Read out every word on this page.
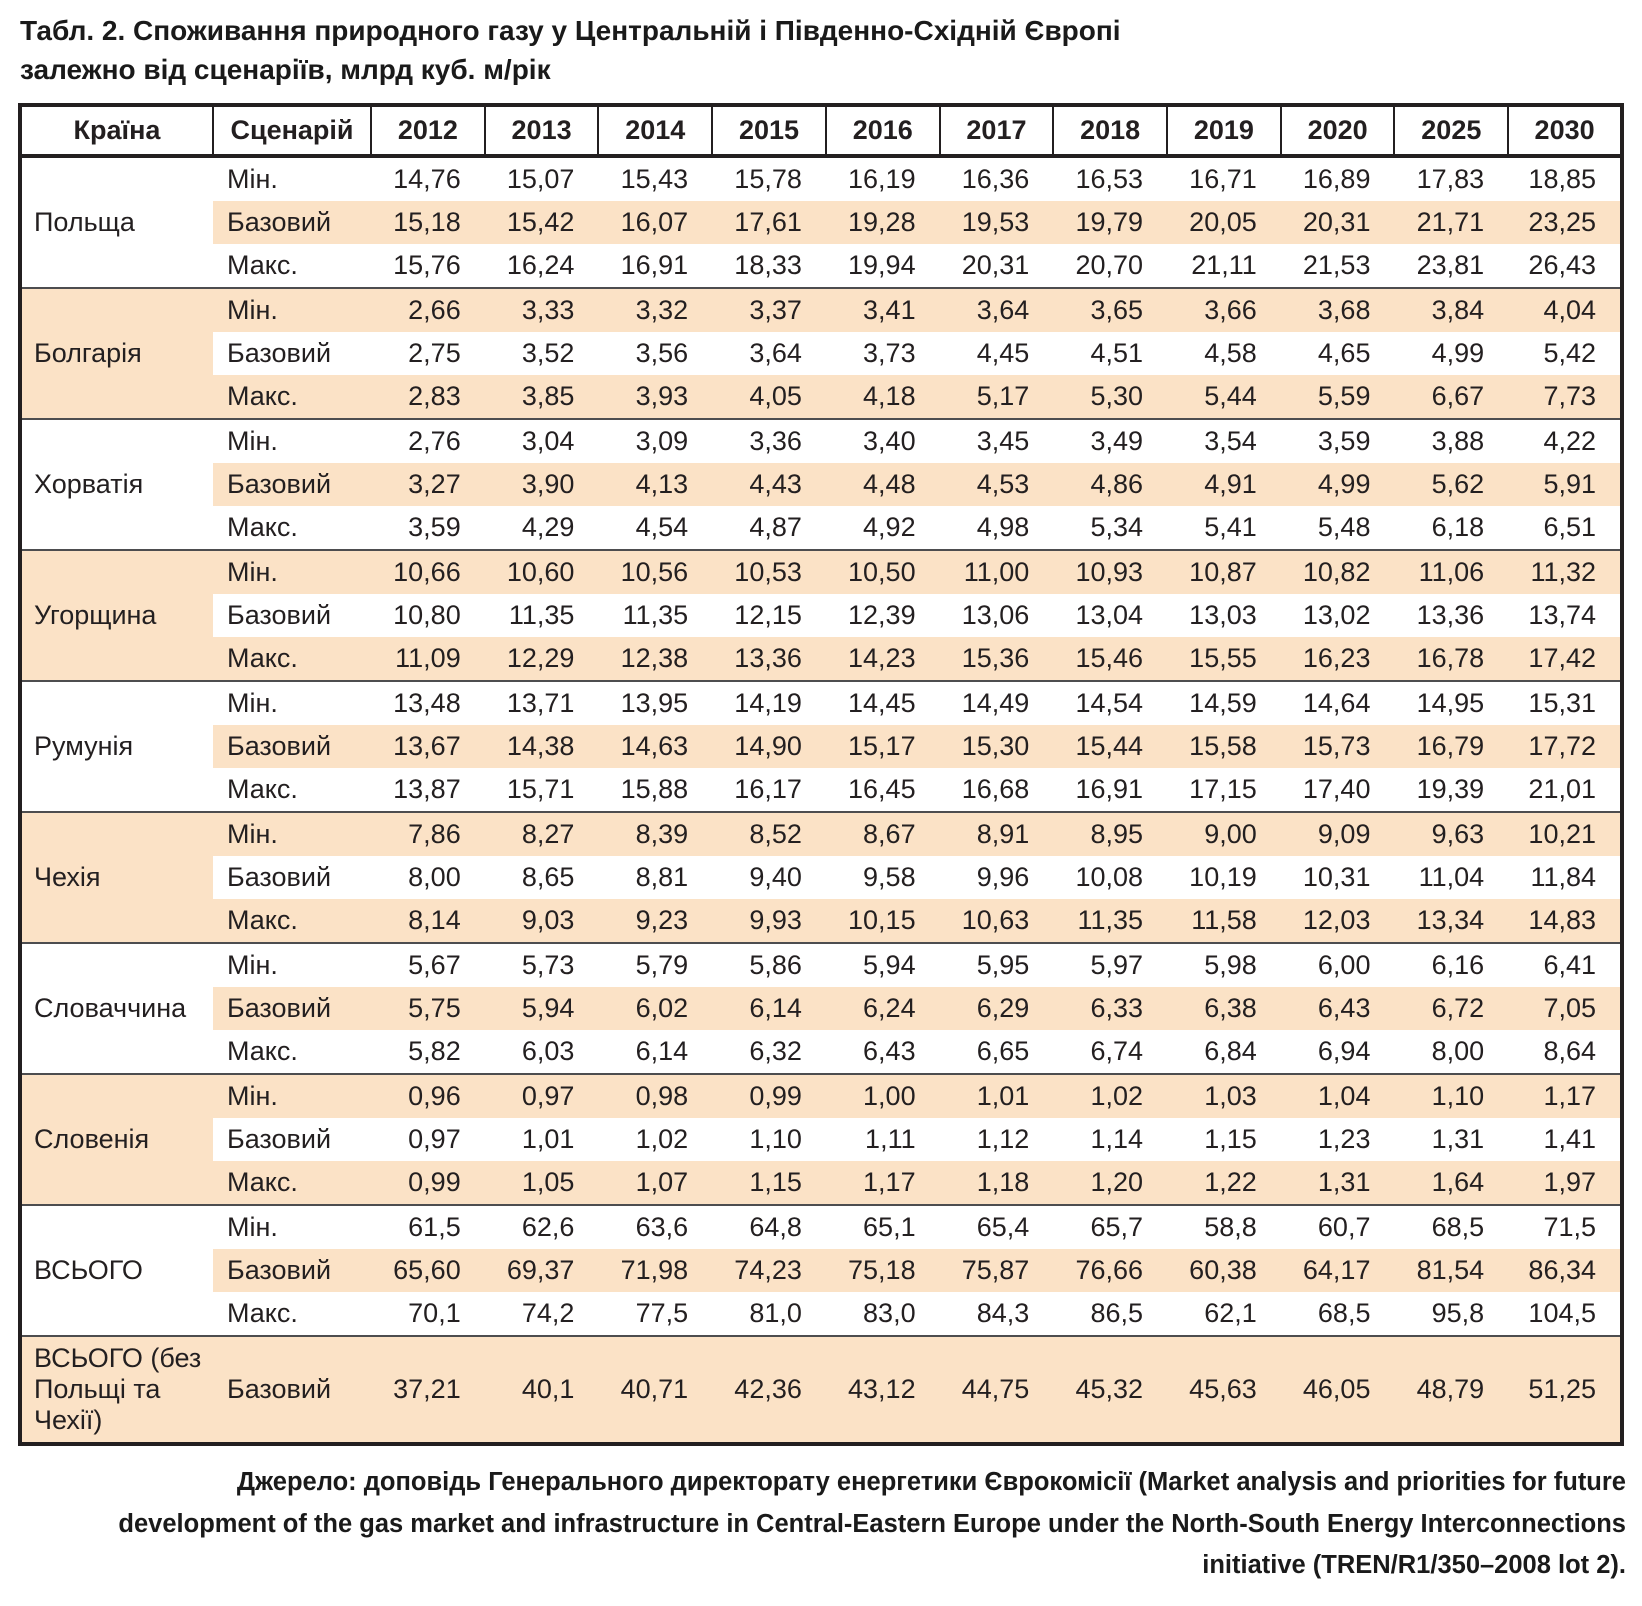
Табл. 2. Споживання природного газу у Центральній і Південно-Східній Європі
залежно від сценаріїв, млрд куб. м/рік
Країна	Сценарій	2012	2013	2014	2015	2016	2017	2018	2019	2020	2025	2030
Польща	Мін.	14,76	15,07	15,43	15,78	16,19	16,36	16,53	16,71	16,89	17,83	18,85
	Базовий	15,18	15,42	16,07	17,61	19,28	19,53	19,79	20,05	20,31	21,71	23,25
	Макс.	15,76	16,24	16,91	18,33	19,94	20,31	20,70	21,11	21,53	23,81	26,43
Болгарія	Мін.	2,66	3,33	3,32	3,37	3,41	3,64	3,65	3,66	3,68	3,84	4,04
	Базовий	2,75	3,52	3,56	3,64	3,73	4,45	4,51	4,58	4,65	4,99	5,42
	Макс.	2,83	3,85	3,93	4,05	4,18	5,17	5,30	5,44	5,59	6,67	7,73
Хорватія	Мін.	2,76	3,04	3,09	3,36	3,40	3,45	3,49	3,54	3,59	3,88	4,22
	Базовий	3,27	3,90	4,13	4,43	4,48	4,53	4,86	4,91	4,99	5,62	5,91
	Макс.	3,59	4,29	4,54	4,87	4,92	4,98	5,34	5,41	5,48	6,18	6,51
Угорщина	Мін.	10,66	10,60	10,56	10,53	10,50	11,00	10,93	10,87	10,82	11,06	11,32
	Базовий	10,80	11,35	11,35	12,15	12,39	13,06	13,04	13,03	13,02	13,36	13,74
	Макс.	11,09	12,29	12,38	13,36	14,23	15,36	15,46	15,55	16,23	16,78	17,42
Румунія	Мін.	13,48	13,71	13,95	14,19	14,45	14,49	14,54	14,59	14,64	14,95	15,31
	Базовий	13,67	14,38	14,63	14,90	15,17	15,30	15,44	15,58	15,73	16,79	17,72
	Макс.	13,87	15,71	15,88	16,17	16,45	16,68	16,91	17,15	17,40	19,39	21,01
Чехія	Мін.	7,86	8,27	8,39	8,52	8,67	8,91	8,95	9,00	9,09	9,63	10,21
	Базовий	8,00	8,65	8,81	9,40	9,58	9,96	10,08	10,19	10,31	11,04	11,84
	Макс.	8,14	9,03	9,23	9,93	10,15	10,63	11,35	11,58	12,03	13,34	14,83
Словаччина	Мін.	5,67	5,73	5,79	5,86	5,94	5,95	5,97	5,98	6,00	6,16	6,41
	Базовий	5,75	5,94	6,02	6,14	6,24	6,29	6,33	6,38	6,43	6,72	7,05
	Макс.	5,82	6,03	6,14	6,32	6,43	6,65	6,74	6,84	6,94	8,00	8,64
Словенія	Мін.	0,96	0,97	0,98	0,99	1,00	1,01	1,02	1,03	1,04	1,10	1,17
	Базовий	0,97	1,01	1,02	1,10	1,11	1,12	1,14	1,15	1,23	1,31	1,41
	Макс.	0,99	1,05	1,07	1,15	1,17	1,18	1,20	1,22	1,31	1,64	1,97
ВСЬОГО	Мін.	61,5	62,6	63,6	64,8	65,1	65,4	65,7	58,8	60,7	68,5	71,5
	Базовий	65,60	69,37	71,98	74,23	75,18	75,87	76,66	60,38	64,17	81,54	86,34
	Макс.	70,1	74,2	77,5	81,0	83,0	84,3	86,5	62,1	68,5	95,8	104,5
ВСЬОГО (без Польщі та Чехії)	Базовий	37,21	40,1	40,71	42,36	43,12	44,75	45,32	45,63	46,05	48,79	51,25
Джерело: доповідь Генерального директорату енергетики Єврокомісії (Market analysis and priorities for future development of the gas market and infrastructure in Central-Eastern Europe under the North-South Energy Interconnections initiative (TREN/R1/350–2008 lot 2).
